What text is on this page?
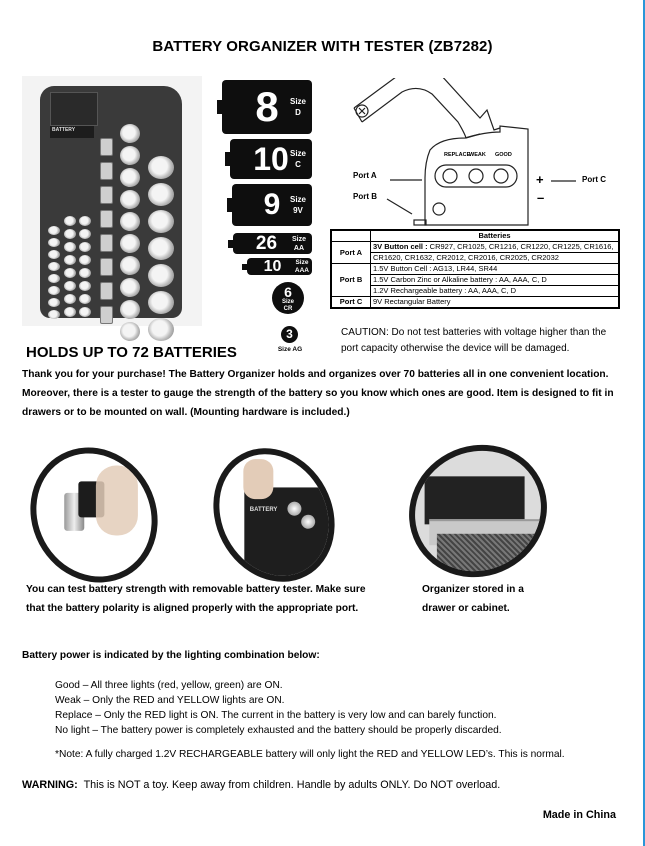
BATTERY ORGANIZER WITH TESTER (ZB7282)
BATTERY	8 Size
D
10 Size
C
9 Size
9V
26 Size
AA
10 Size
AAA
6
Size
CR
3
Size AG
REPLACE
WEAK GOOD
Port A
Port B
+
–
Port C
	Batteries
Port A	3V Button cell : CR927, CR1025, CR1216, CR1220, CR1225, CR1616,
	CR1620, CR1632, CR2012, CR2016, CR2025, CR2032
Port B	1.5V Button Cell : AG13, LR44, SR44
	1.5V Carbon Zinc or Alkaline battery : AA, AAA, C, D
	1.2V Rechargeable battery : AA, AAA, C, D
Port C	9V Rectangular Battery
CAUTION: Do not test batteries with voltage higher than the port capacity otherwise the device will be damaged.
HOLDS UP TO 72 BATTERIES
Thank you for your purchase! The Battery Organizer holds and organizes over 70 batteries all in one convenient location. Moreover, there is a tester to gauge the strength of the battery so you know which ones are good. Item is designed to fit in drawers or to be mounted on wall. (Mounting hardware is included.)
BATTERY
You can test battery strength with removable battery tester. Make sure that the battery polarity is aligned properly with the appropriate port.
Organizer stored in a drawer or cabinet.
Battery power is indicated by the lighting combination below:
Good – All three lights (red, yellow, green) are ON.
Weak – Only the RED and YELLOW lights are ON.
Replace – Only the RED light is ON. The current in the battery is very low and can barely function.
No light – The battery power is completely exhausted and the battery should be properly discarded.
*Note: A fully charged 1.2V RECHARGEABLE battery will only light the RED and YELLOW LED’s. This is normal.
WARNING:  This is NOT a toy. Keep away from children. Handle by adults ONLY. Do NOT overload.
Made in China
